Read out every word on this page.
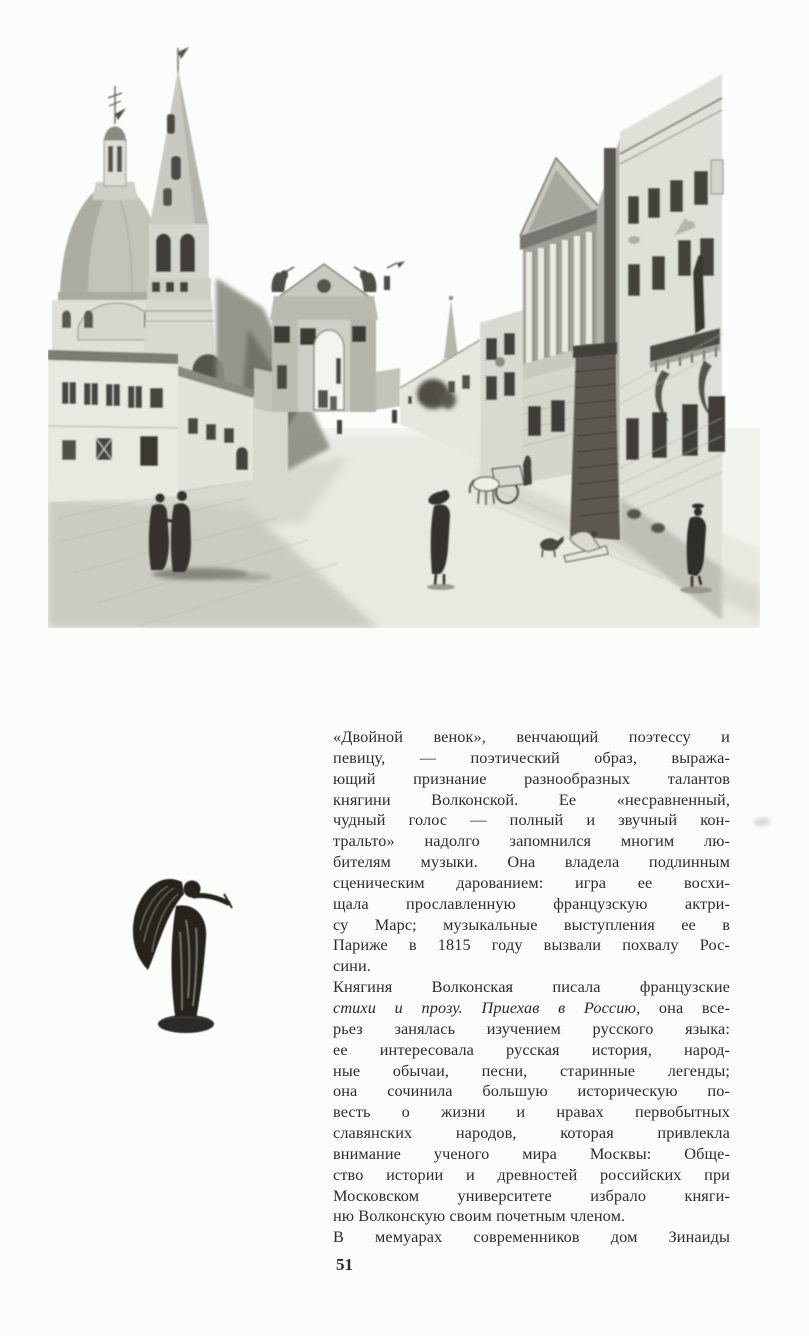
«Двойной венок», венчающий поэтессу и
певицу, — поэтический образ, выража-
ющий признание разнообразных талантов
княгини Волконской. Ее «несравненный,
чудный голос — полный и звучный кон-
тральто» надолго запомнился многим лю-
бителям музыки. Она владела подлинным
сценическим дарованием: игра ее восхи-
щала прославленную французскую актри-
су Марс; музыкальные выступления ее в
Париже в 1815 году вызвали похвалу Рос-
сини.
Княгиня Волконская писала французские
стихи и прозу. Приехав в Россию, она все-
рьез занялась изучением русского языка:
ее интересовала русская история, народ-
ные обычаи, песни, старинные легенды;
она сочинила большую историческую по-
весть о жизни и нравах первобытных
славянских народов, которая привлекла
внимание ученого мира Москвы: Обще-
ство истории и древностей российских при
Московском университете избрало княги-
ню Волконскую своим почетным членом.
В мемуарах современников дом Зинаиды
51
